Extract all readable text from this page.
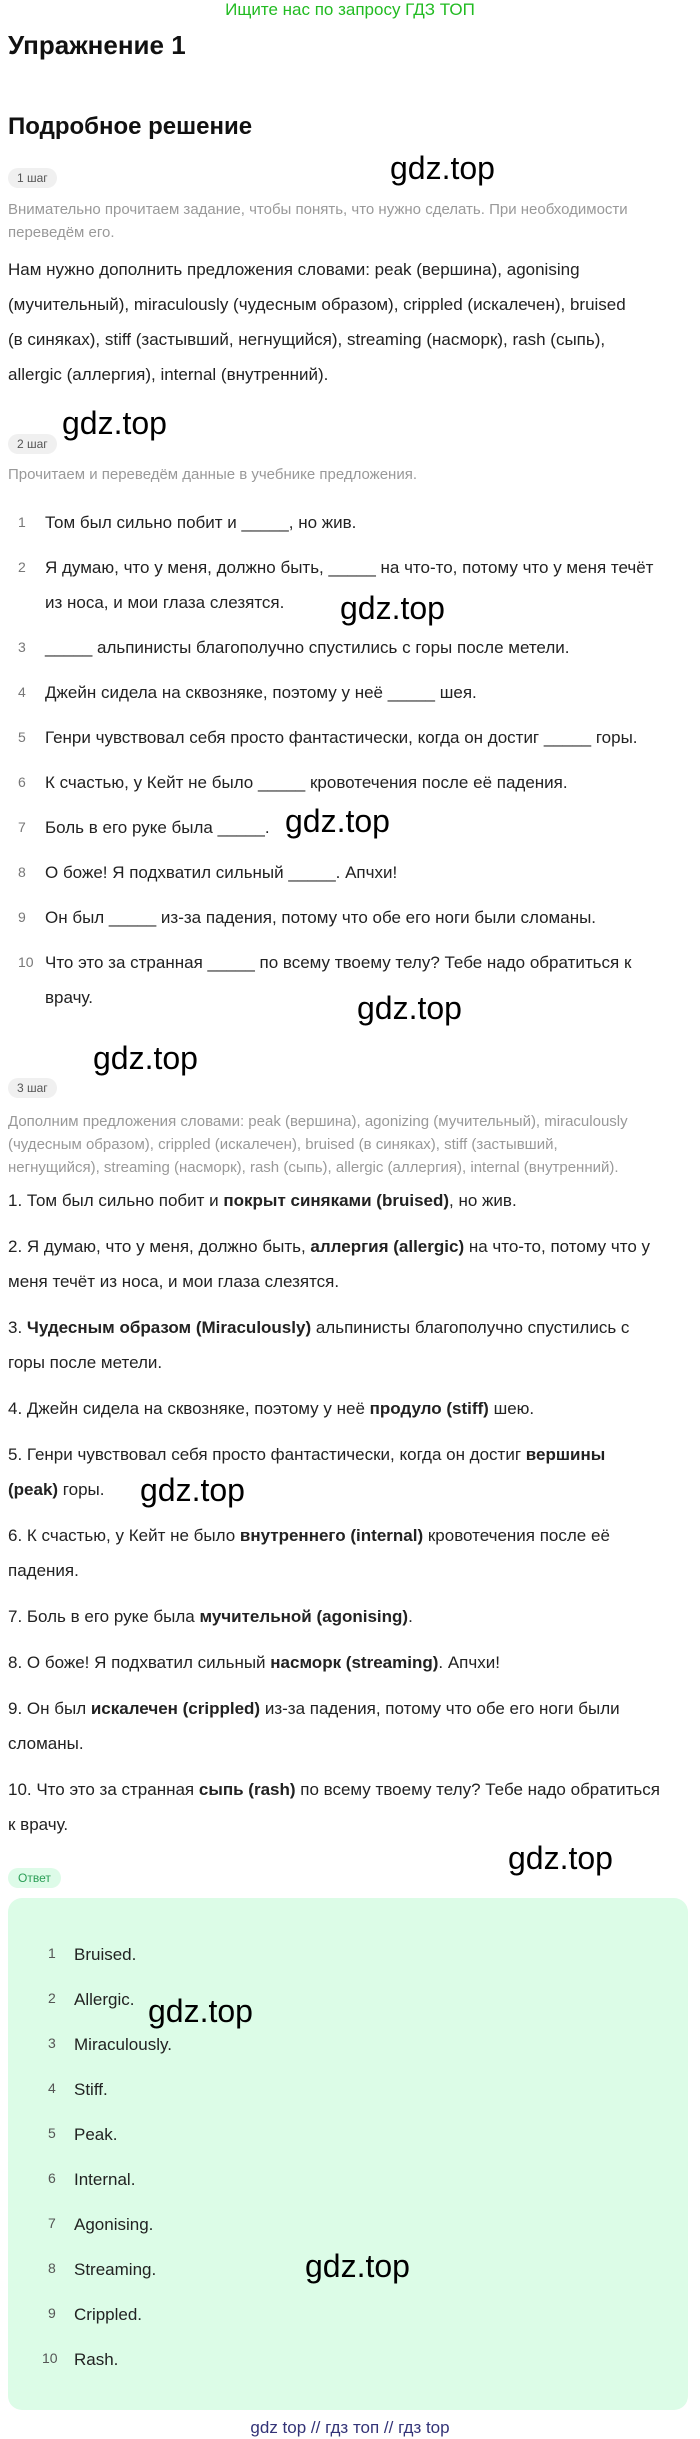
Ищите нас по запросу ГДЗ ТОП
Упражнение 1
Подробное решение
1 шаг	gdz.top
Внимательно прочитаем задание, чтобы понять, что нужно сделать. При необходимости переведём его.
Нам нужно дополнить предложения словами: peak (вершина), agonising
(мучительный), miraculously (чудесным образом), crippled (искалечен), bruised
(в синяках), stiff (застывший, негнущийся), streaming (насморк), rash (сыпь),
allergic (аллергия), internal (внутренний).
gdz.top
2 шаг
Прочитаем и переведём данные в учебнике предложения.
1	Том был сильно побит и _____, но жив.
2	Я думаю, что у меня, должно быть, _____ на что-то, потому что у меня течёт
из носа, и мои глаза слезятся.	gdz.top
3	_____ альпинисты благополучно спустились с горы после метели.
4	Джейн сидела на сквозняке, поэтому у неё _____ шея.
5	Генри чувствовал себя просто фантастически, когда он достиг _____ горы.
6	К счастью, у Кейт не было _____ кровотечения после её падения.
7	Боль в его руке была _____. gdz.top
8	О боже! Я подхватил сильный _____. Апчхи!
9	Он был _____ из-за падения, потому что обе его ноги были сломаны.
10 Что это за странная _____ по всему твоему телу? Тебе надо обратиться к
врачу.	gdz.top
gdz.top
3 шаг
Дополним предложения словами: peak (вершина), agonizing (мучительный), miraculously
(чудесным образом), crippled (искалечен), bruised (в синяках), stiff (застывший,
негнущийся), streaming (насморк), rash (сыпь), allergic (аллергия), internal (внутренний).
1. Том был сильно побит и покрыт синяками (bruised), но жив.
2. Я думаю, что у меня, должно быть, аллергия (allergic) на что-то, потому что у
меня течёт из носа, и мои глаза слезятся.
3. Чудесным образом (Miraculously) альпинисты благополучно спустились с
горы после метели.
4. Джейн сидела на сквозняке, поэтому у неё продуло (stiff) шею.
5. Генри чувствовал себя просто фантастически, когда он достиг вершины
(peak) горы.	gdz.top
6. К счастью, у Кейт не было внутреннего (internal) кровотечения после её
падения.
7. Боль в его руке была мучительной (agonising).
8. О боже! Я подхватил сильный насморк (streaming). Апчхи!
9. Он был искалечен (crippled) из-за падения, потому что обе его ноги были
сломаны.
10. Что это за странная сыпь (rash) по всему твоему телу? Тебе надо обратиться
к врачу.
gdz.top
Ответ
1 Bruised.
2 Allergic.
3 Miraculously.
4 Stiff.
5 Peak.
6 Internal.
7 Agonising.
8 Streaming.
9 Crippled.
10 Rash.
gdz.top
gdz.top
gdz top // гдз топ // гдз top
